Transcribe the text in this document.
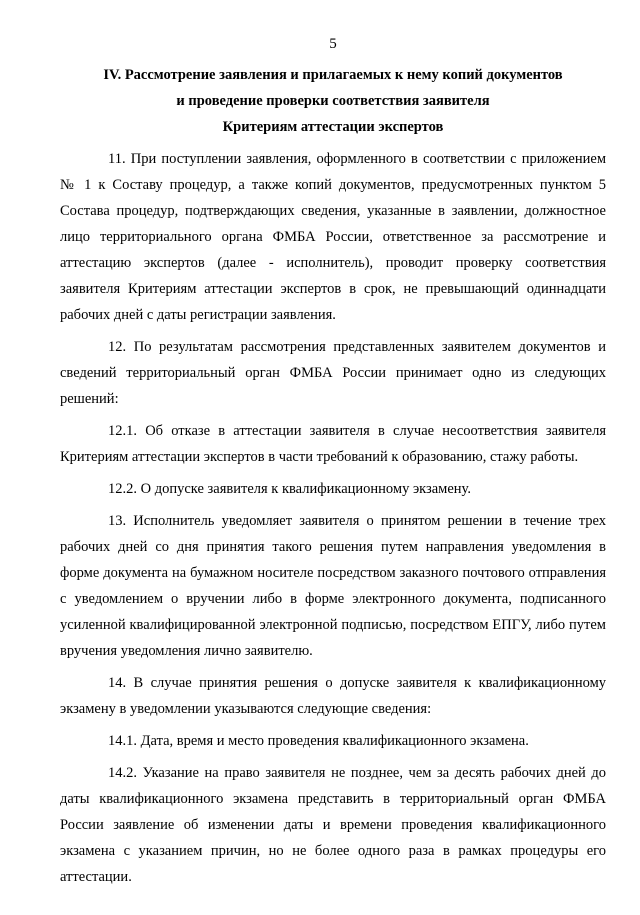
5

IV. Рассмотрение заявления и прилагаемых к нему копий документов

и проведение проверки соответствия заявителя

Критериям аттестации экспертов

11. При поступлении заявления, оформленного в соответствии с приложением № 1 к Составу процедур, а также копий документов, предусмотренных пунктом 5 Состава процедур, подтверждающих сведения, указанные в заявлении, должностное лицо территориального органа ФМБА России, ответственное за рассмотрение и аттестацию экспертов (далее - исполнитель), проводит проверку соответствия заявителя Критериям аттестации экспертов в срок, не превышающий одиннадцати рабочих дней с даты регистрации заявления.

12. По результатам рассмотрения представленных заявителем документов и сведений территориальный орган ФМБА России принимает одно из следующих решений:

12.1. Об отказе в аттестации заявителя в случае несоответствия заявителя Критериям аттестации экспертов в части требований к образованию, стажу работы.

12.2. О допуске заявителя к квалификационному экзамену.

13. Исполнитель уведомляет заявителя о принятом решении в течение трех рабочих дней со дня принятия такого решения путем направления уведомления в форме документа на бумажном носителе посредством заказного почтового отправления с уведомлением о вручении либо в форме электронного документа, подписанного усиленной квалифицированной электронной подписью, посредством ЕПГУ, либо путем вручения уведомления лично заявителю.

14. В случае принятия решения о допуске заявителя к квалификационному экзамену в уведомлении указываются следующие сведения:

14.1. Дата, время и место проведения квалификационного экзамена.

14.2. Указание на право заявителя не позднее, чем за десять рабочих дней до даты квалификационного экзамена представить в территориальный орган ФМБА России заявление об изменении даты и времени проведения квалификационного экзамена с указанием причин, но не более одного раза в рамках процедуры его аттестации.
